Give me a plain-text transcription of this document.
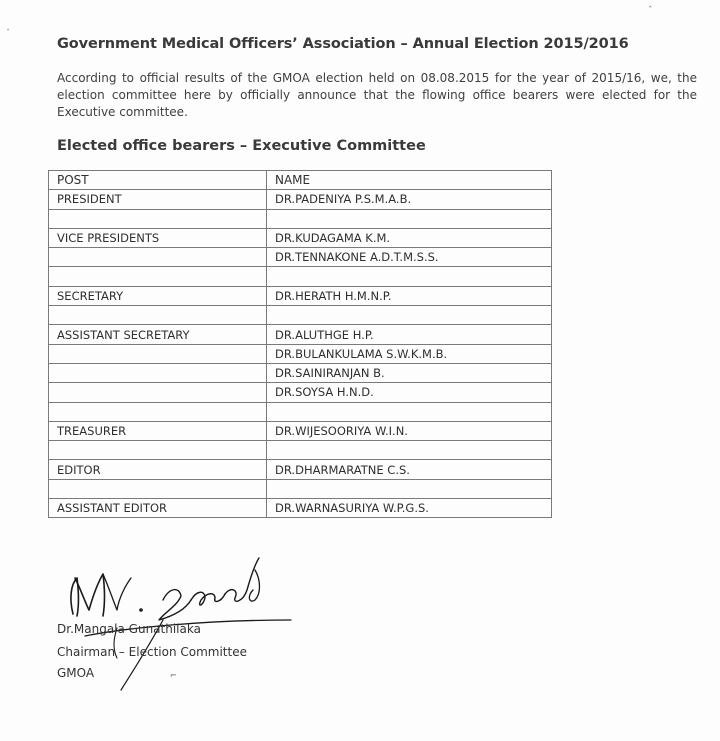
•
ˆ
Government Medical Officers’ Association – Annual Election 2015/2016
According to official results of the GMOA election held on 08.08.2015 for the year of 2015/16, we, the election committee here by officially announce that the flowing office bearers were elected for the Executive committee.
Elected office bearers – Executive Committee
POST	NAME
PRESIDENT	DR.PADENIYA P.S.M.A.B.

VICE PRESIDENTS	DR.KUDAGAMA K.M.
	DR.TENNAKONE A.D.T.M.S.S.

SECRETARY	DR.HERATH H.M.N.P.

ASSISTANT SECRETARY	DR.ALUTHGE H.P.
	DR.BULANKULAMA S.W.K.M.B.
	DR.SAINIRANJAN B.
	DR.SOYSA H.N.D.

TREASURER	DR.WIJESOORIYA W.I.N.

EDITOR	DR.DHARMARATNE C.S.

ASSISTANT EDITOR	DR.WARNASURIYA W.P.G.S.
Dr.Mangala Gunathilaka
Chairman – Election Committee
GMOA	⌐
